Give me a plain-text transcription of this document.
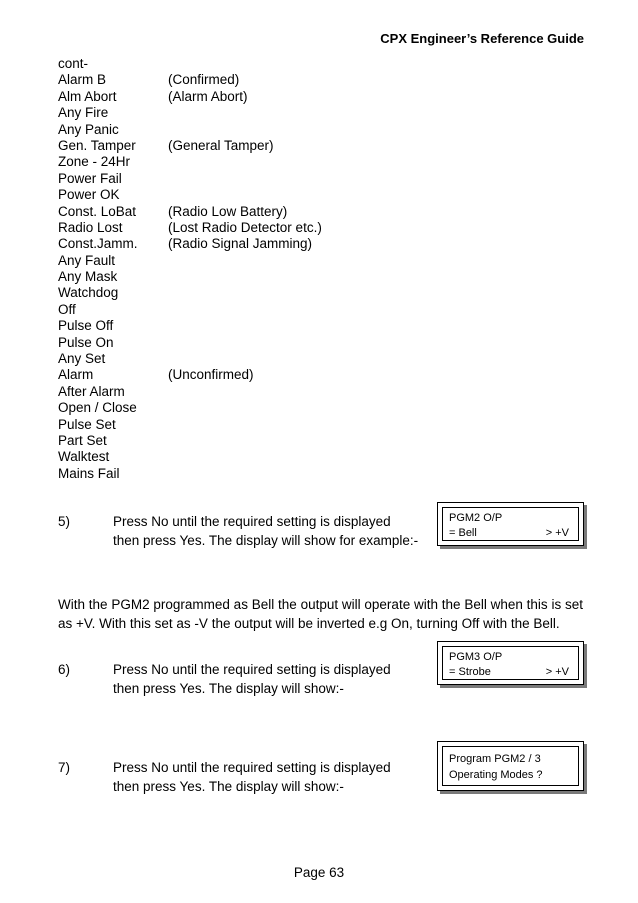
CPX Engineer’s Reference Guide
cont-
Alarm B	(Confirmed)
Alm Abort	(Alarm Abort)
Any Fire
Any Panic
Gen. Tamper (General Tamper)
Zone - 24Hr
Power Fail
Power OK
Const. LoBat (Radio Low Battery)
Radio Lost	(Lost Radio Detector etc.)
Const.Jamm. (Radio Signal Jamming)
Any Fault
Any Mask
Watchdog
Off
Pulse Off
Pulse On
Any Set
Alarm	(Unconfirmed)
After Alarm
Open / Close
Pulse Set
Part Set
Walktest
Mains Fail
5)	Press No until the required setting is displayed
then press Yes. The display will show for example:-
PGM2 O/P
= Bell	> +V
With the PGM2 programmed as Bell the output will operate with the Bell when this is set as +V. With this set as -V the output will be inverted e.g On, turning Off with the Bell.
6)	Press No until the required setting is displayed
then press Yes. The display will show:-
PGM3 O/P
= Strobe	> +V
7)	Press No until the required setting is displayed
then press Yes. The display will show:-
Program PGM2 / 3
Operating Modes ?
Page 63
